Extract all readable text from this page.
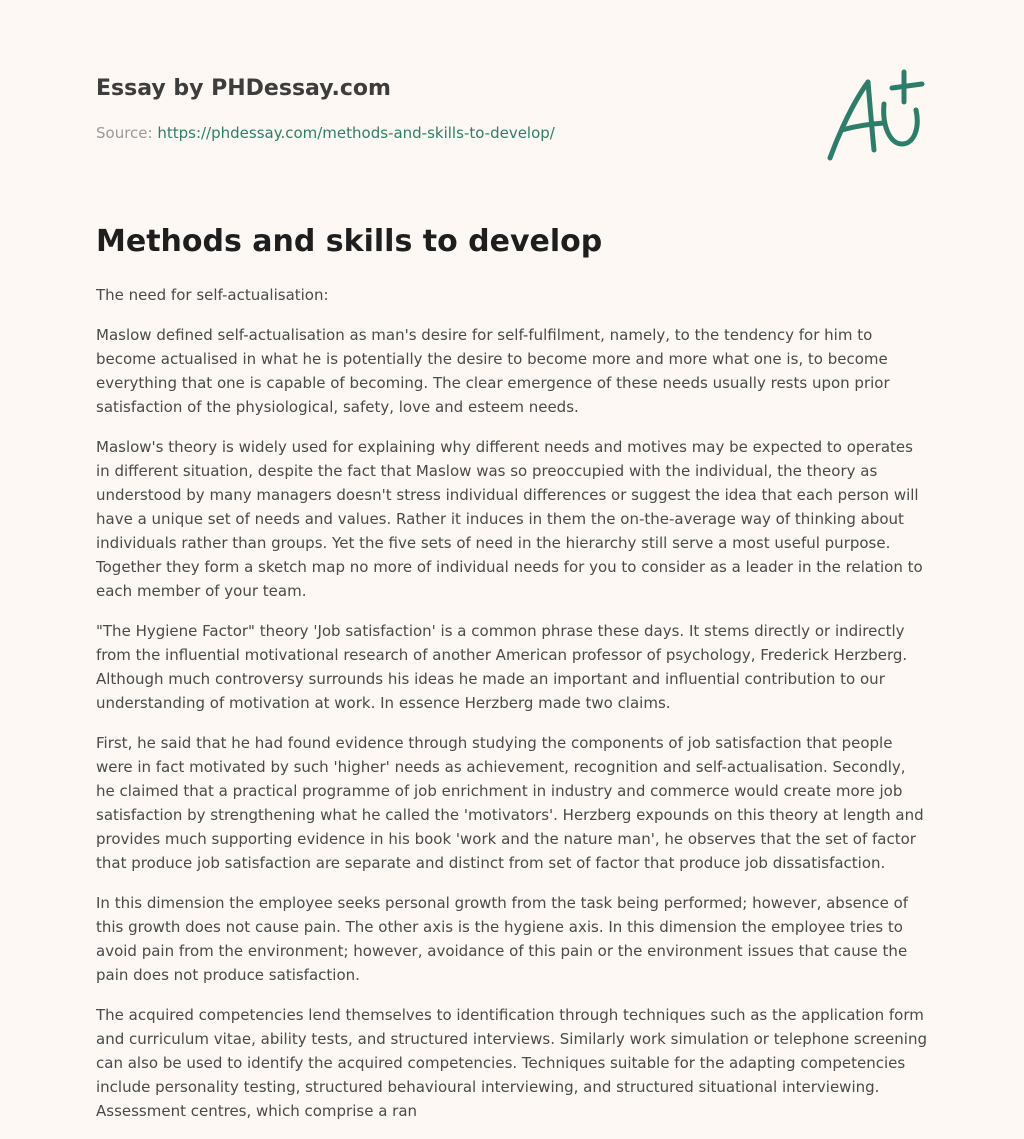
Essay by PHDessay.com
Source: https://phdessay.com/methods-and-skills-to-develop/
Methods and skills to develop

The need for self-actualisation:

Maslow defined self-actualisation as man's desire for self-fulfilment, namely, to the tendency for him to become actualised in what he is potentially the desire to become more and more what one is, to become everything that one is capable of becoming. The clear emergence of these needs usually rests upon prior satisfaction of the physiological, safety, love and esteem needs.

Maslow's theory is widely used for explaining why different needs and motives may be expected to operates in different situation, despite the fact that Maslow was so preoccupied with the individual, the theory as understood by many managers doesn't stress individual differences or suggest the idea that each person will have a unique set of needs and values. Rather it induces in them the on-the-average way of thinking about individuals rather than groups. Yet the five sets of need in the hierarchy still serve a most useful purpose. Together they form a sketch map no more of individual needs for you to consider as a leader in the relation to each member of your team.

"The Hygiene Factor" theory 'Job satisfaction' is a common phrase these days. It stems directly or indirectly from the influential motivational research of another American professor of psychology, Frederick Herzberg. Although much controversy surrounds his ideas he made an important and influential contribution to our understanding of motivation at work. In essence Herzberg made two claims.

First, he said that he had found evidence through studying the components of job satisfaction that people were in fact motivated by such 'higher' needs as achievement, recognition and self-actualisation. Secondly, he claimed that a practical programme of job enrichment in industry and commerce would create more job satisfaction by strengthening what he called the 'motivators'. Herzberg expounds on this theory at length and provides much supporting evidence in his book 'work and the nature man', he observes that the set of factor that produce job satisfaction are separate and distinct from set of factor that produce job dissatisfaction.

In this dimension the employee seeks personal growth from the task being performed; however, absence of this growth does not cause pain. The other axis is the hygiene axis. In this dimension the employee tries to avoid pain from the environment; however, avoidance of this pain or the environment issues that cause the pain does not produce satisfaction.

The acquired competencies lend themselves to identification through techniques such as the application form and curriculum vitae, ability tests, and structured interviews. Similarly work simulation or telephone screening can also be used to identify the acquired competencies. Techniques suitable for the adapting competencies include personality testing, structured behavioural interviewing, and structured situational interviewing. Assessment centres, which comprise a ran
